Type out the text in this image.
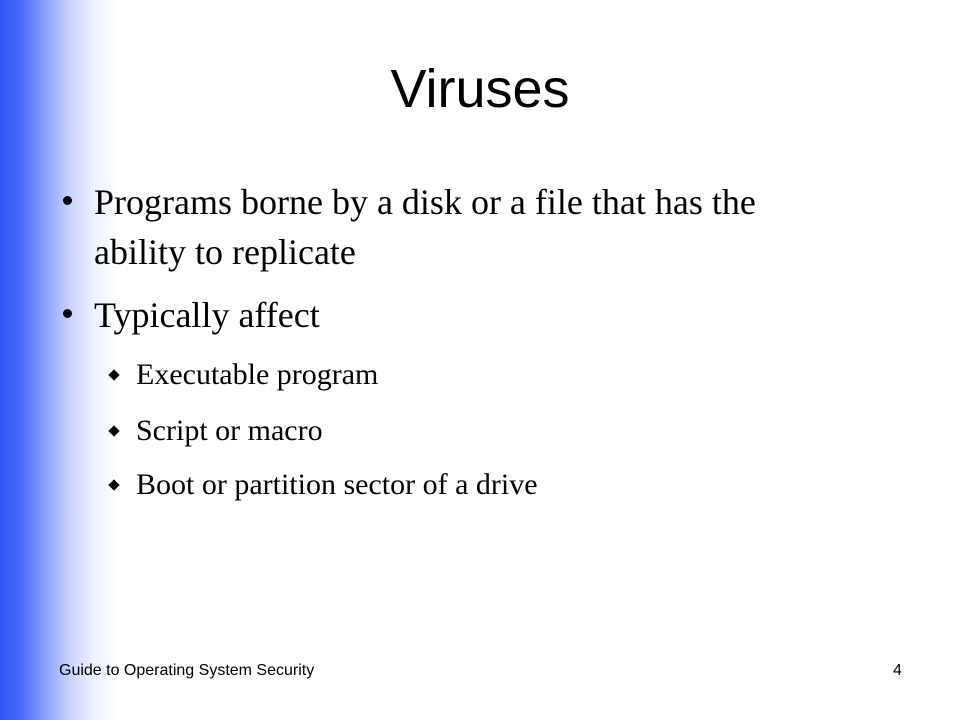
Viruses
Programs borne by a disk or a file that has the
ability to replicate
Typically affect
Executable program
Script or macro
Boot or partition sector of a drive
Guide to Operating System Security	4
